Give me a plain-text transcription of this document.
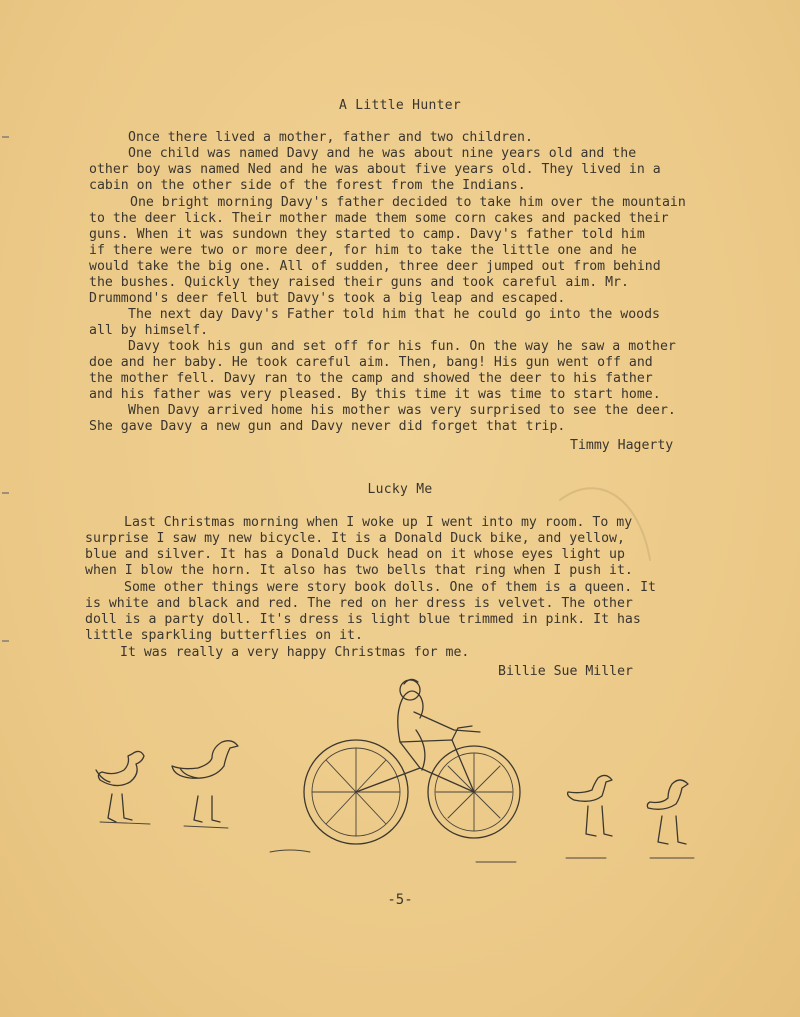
A Little Hunter
Once there lived a mother, father and two children.
One child was named Davy and he was about nine years old and the
other boy was named Ned and he was about five years old. They lived in a
cabin on the other side of the forest from the Indians.
One bright morning Davy's father decided to take him over the mountain
to the deer lick. Their mother made them some corn cakes and packed their
guns. When it was sundown they started to camp. Davy's father told him
if there were two or more deer, for him to take the little one and he
would take the big one. All of sudden, three deer jumped out from behind
the bushes. Quickly they raised their guns and took careful aim. Mr.
Drummond's deer fell but Davy's took a big leap and escaped.
The next day Davy's Father told him that he could go into the woods
all by himself.
Davy took his gun and set off for his fun. On the way he saw a mother
doe and her baby. He took careful aim. Then, bang! His gun went off and
the mother fell. Davy ran to the camp and showed the deer to his father
and his father was very pleased. By this time it was time to start home.
When Davy arrived home his mother was very surprised to see the deer.
She gave Davy a new gun and Davy never did forget that trip.
Timmy Hagerty
Lucky Me
Last Christmas morning when I woke up I went into my room. To my
surprise I saw my new bicycle. It is a Donald Duck bike, and yellow,
blue and silver. It has a Donald Duck head on it whose eyes light up
when I blow the horn. It also has two bells that ring when I push it.
Some other things were story book dolls. One of them is a queen. It
is white and black and red. The red on her dress is velvet. The other
doll is a party doll. It's dress is light blue trimmed in pink. It has
little sparkling butterflies on it.
It was really a very happy Christmas for me.
Billie Sue Miller
-5-
